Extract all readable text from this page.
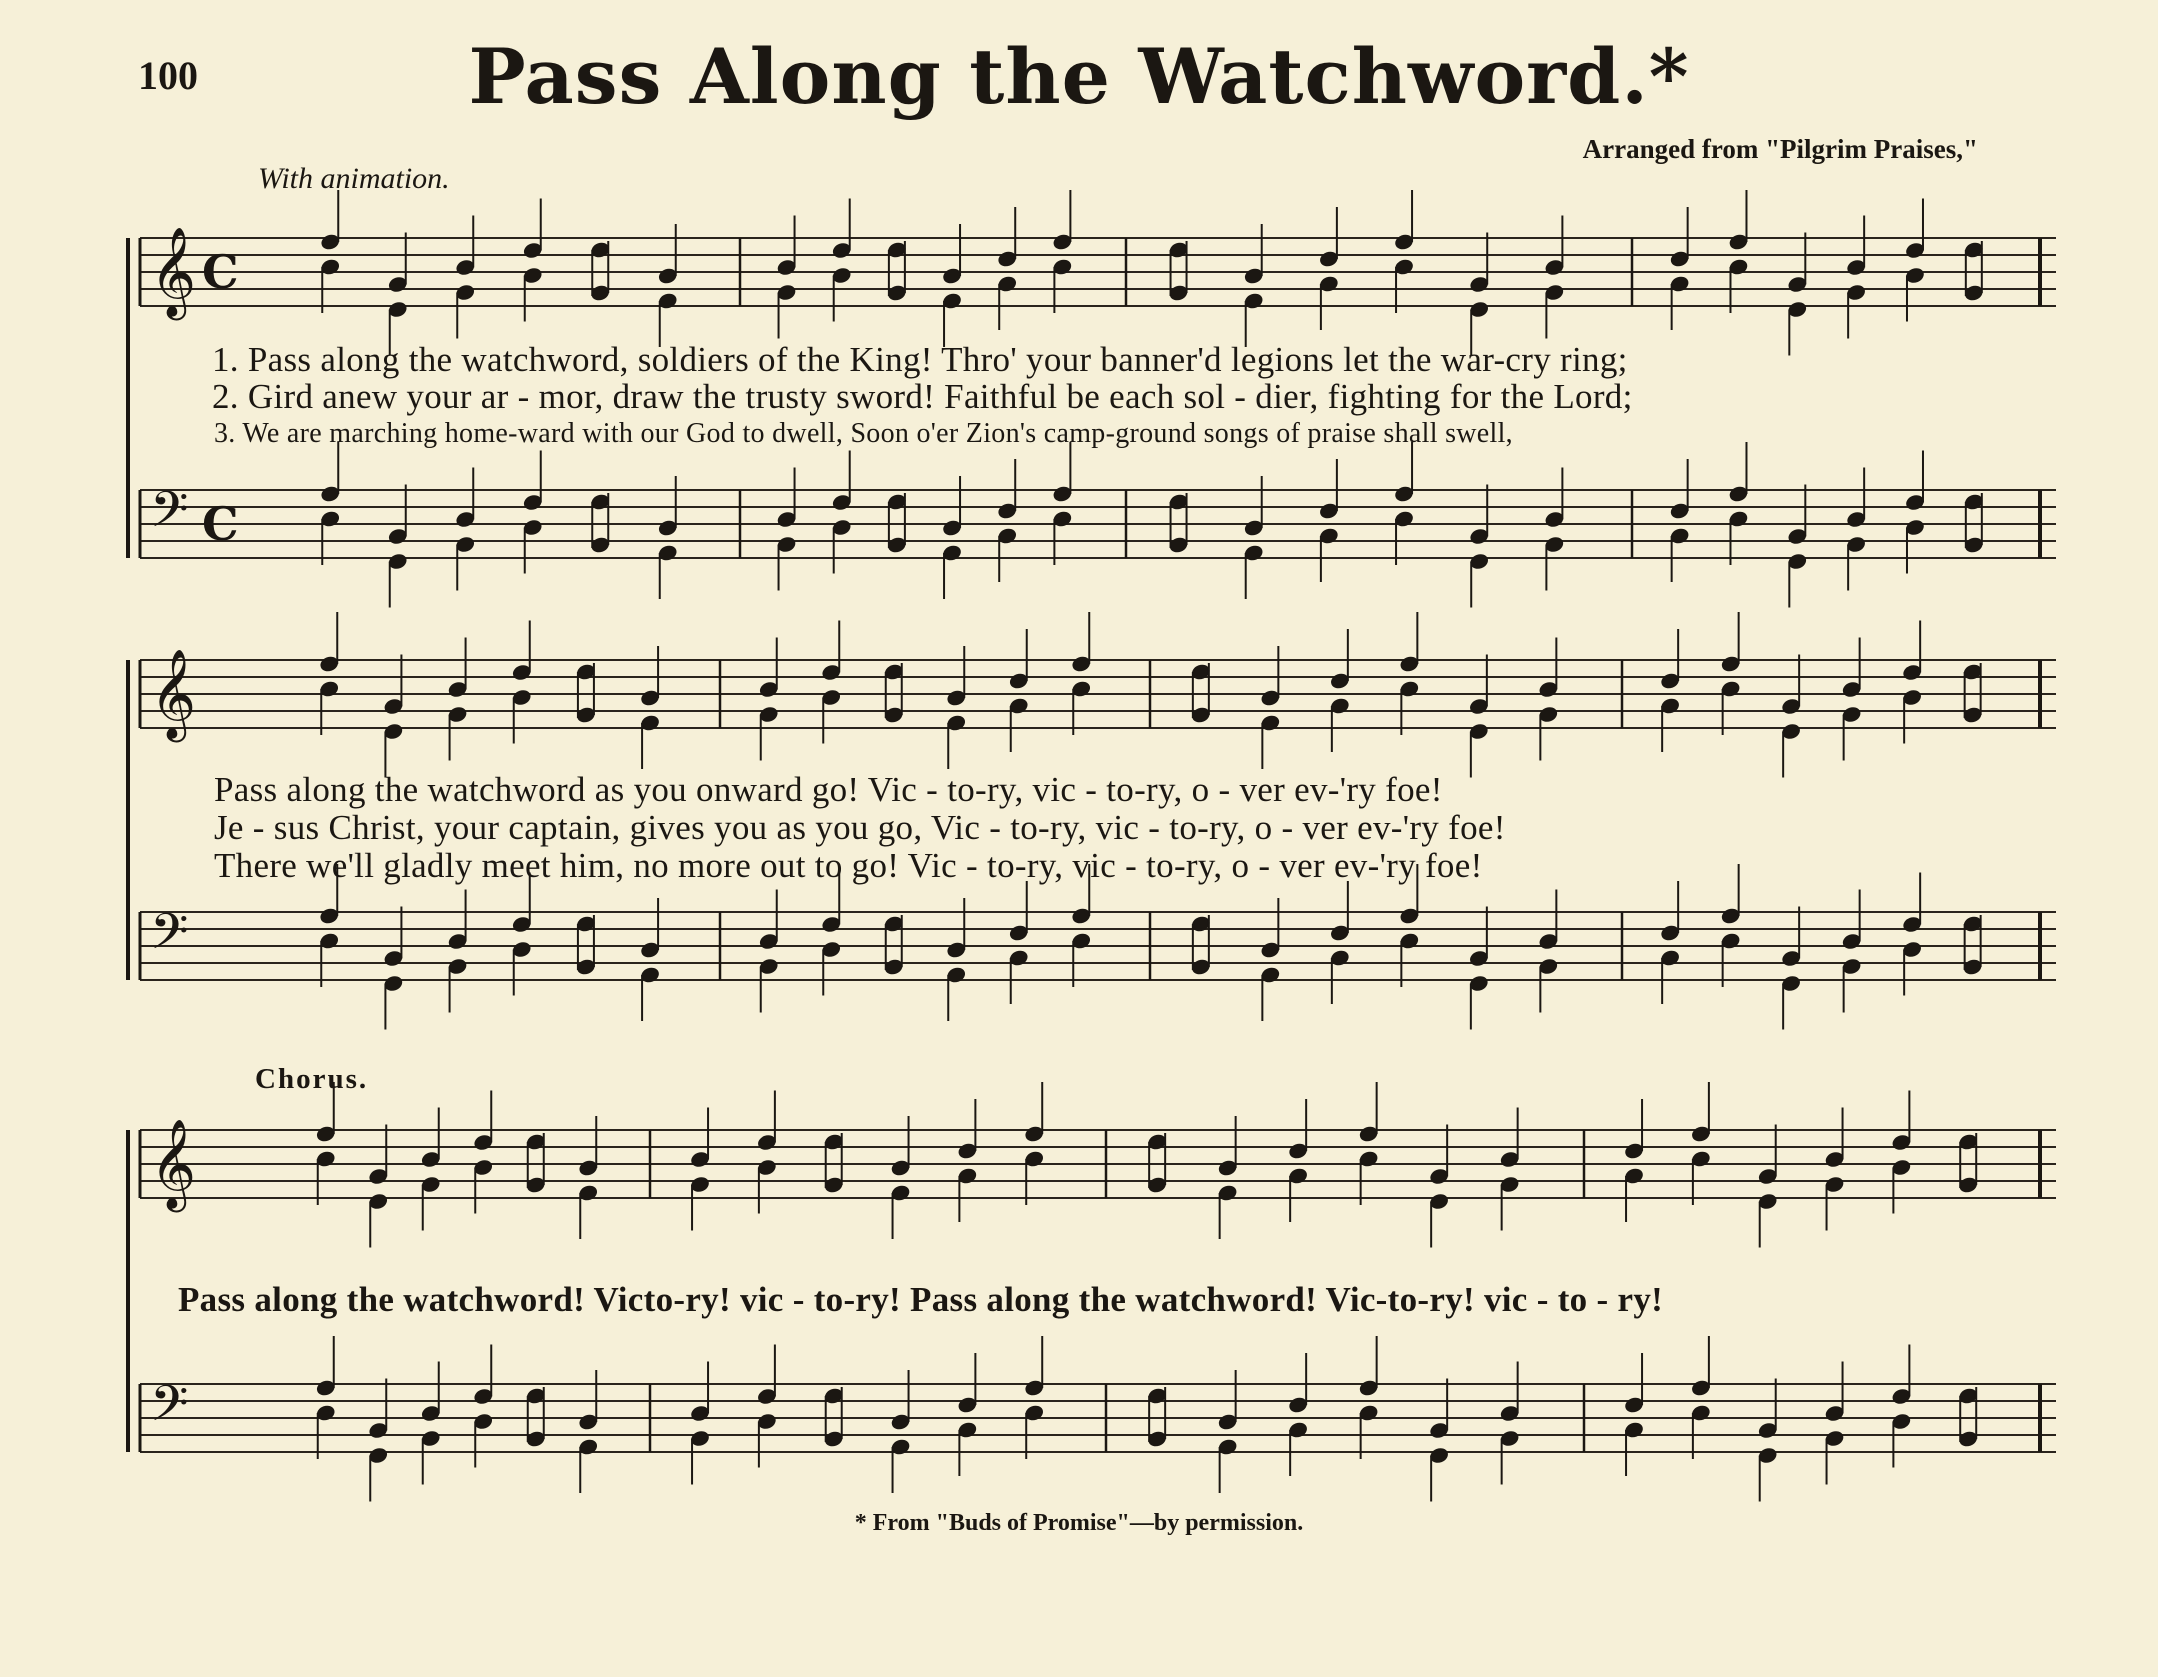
100	Pass Along the Watchword.*
Arranged from "Pilgrim Praises,"
With animation.
𝄞 C
𝄢 C
𝄞
𝄢
𝄞
𝄢
1. Pass along the watchword, soldiers of the King! Thro' your banner'd legions let the war-cry ring;
2. Gird anew your ar - mor, draw the trusty sword! Faithful be each sol - dier, fighting for the Lord;
3. We are marching home-ward with our God to dwell, Soon o'er Zion's camp-ground songs of praise shall swell,
Pass along the watchword as you onward go! Vic - to-ry, vic - to-ry, o - ver ev-'ry foe!
Je - sus Christ, your captain, gives you as you go, Vic - to-ry, vic - to-ry, o - ver ev-'ry foe!
There we'll gladly meet him, no more out to go! Vic - to-ry, vic - to-ry, o - ver ev-'ry foe!
Chorus.
Pass along the watchword! Victo-ry! vic - to-ry! Pass along the watchword! Vic-to-ry! vic - to - ry!
* From "Buds of Promise"—by permission.
